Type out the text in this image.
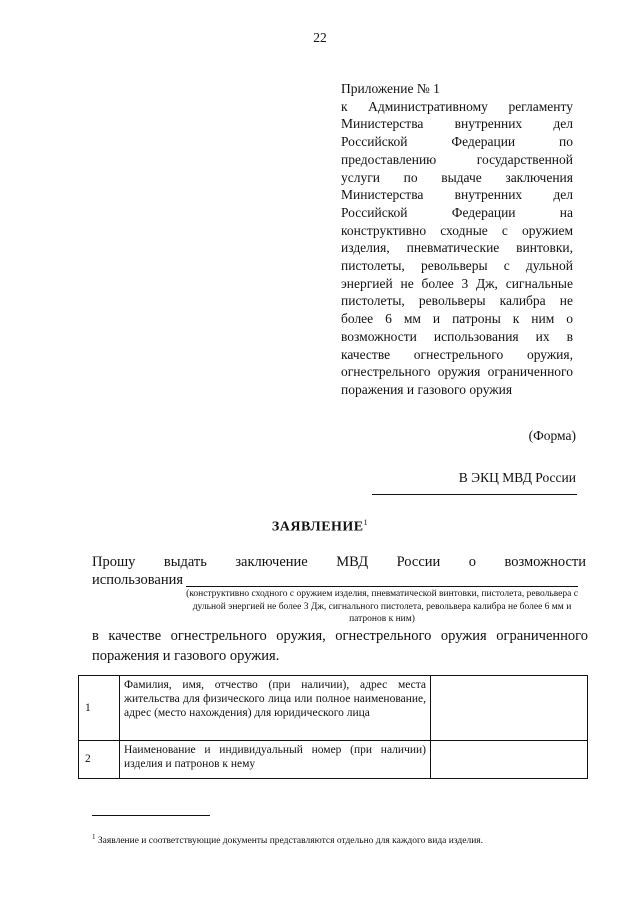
22
Приложение № 1
к Административному регламенту Министерства внутренних дел Российской Федерации по предоставлению государственной услуги по выдаче заключения Министерства внутренних дел Российской Федерации на конструктивно сходные с оружием изделия, пневматические винтовки, пистолеты, револьверы с дульной энергией не более 3 Дж, сигнальные пистолеты, револьверы калибра не более 6 мм и патроны к ним о возможности использования их в качестве огнестрельного оружия, огнестрельного оружия ограниченного поражения и газового оружия
(Форма)
В ЭКЦ МВД России
ЗАЯВЛЕНИЕ$^1$
Прошу выдать заключение МВД России о возможности
использования
(конструктивно сходного с оружием изделия, пневматической винтовки, пистолета, револьвера с дульной энергией не более 3 Дж, сигнального пистолета, револьвера калибра не более 6 мм и патронов к ним)
в качестве огнестрельного оружия, огнестрельного оружия ограниченного поражения и газового оружия.
1	Фамилия, имя, отчество (при наличии), адрес места жительства для физического лица или полное наименование, адрес (место нахождения) для юридического лица	
2	Наименование и индивидуальный номер (при наличии) изделия и патронов к нему	
$^1$ Заявление и соответствующие документы представляются отдельно для каждого вида изделия.
